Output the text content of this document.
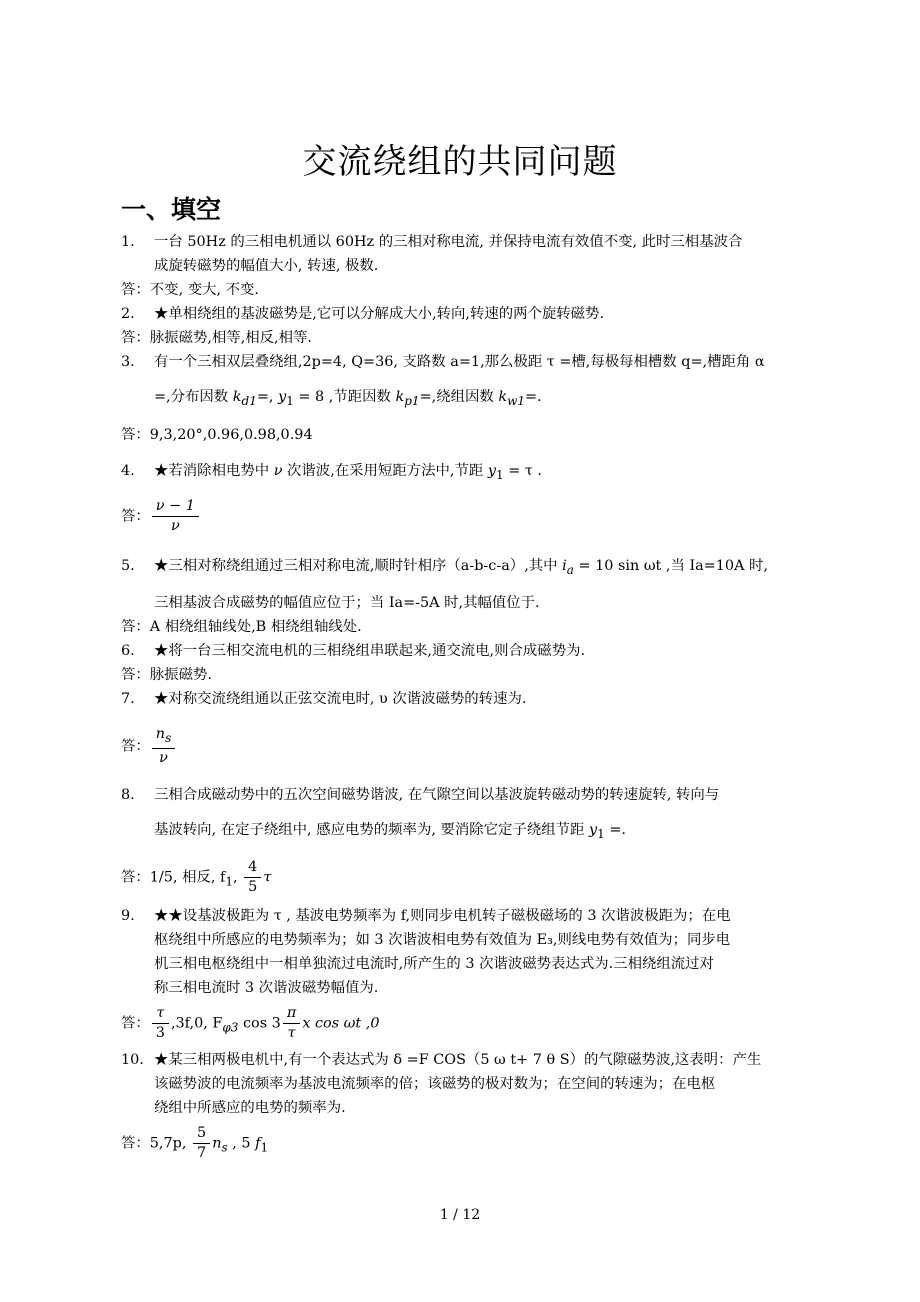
交流绕组的共同问题
一、填空
1. 一台 50Hz 的三相电机通以 60Hz 的三相对称电流, 并保持电流有效值不变, 此时三相基波合
成旋转磁势的幅值大小, 转速, 极数.
答：不变, 变大, 不变.
2. ★单相绕组的基波磁势是,它可以分解成大小,转向,转速的两个旋转磁势.
答：脉振磁势,相等,相反,相等.
3. 有一个三相双层叠绕组,2p=4, Q=36, 支路数 a=1,那么极距 τ =槽,每极每相槽数 q=,槽距角 α
=,分布因数 $k_{d1}=$, $y_1 = 8$ ,节距因数 $k_{p1}=$,绕组因数 $k_{w1}=$.
答：9,3,20°,0.96,0.98,0.94
4. ★若消除相电势中 ν 次谐波,在采用短距方法中,节距 $y_1 = \tau$ .
答： $\frac{\nu - 1}{\nu}$
5. ★三相对称绕组通过三相对称电流,顺时针相序（a-b-c-a）,其中 $i_a = 10$ sin ωt ,当 Ia=10A 时,
三相基波合成磁势的幅值应位于；当 Ia=-5A 时,其幅值位于.
答：A 相绕组轴线处,B 相绕组轴线处.
6. ★将一台三相交流电机的三相绕组串联起来,通交流电,则合成磁势为.
答：脉振磁势.
7. ★对称交流绕组通以正弦交流电时, υ 次谐波磁势的转速为.
答： $\frac{n_s}{\nu}$
8. 三相合成磁动势中的五次空间磁势谐波, 在气隙空间以基波旋转磁动势的转速旋转, 转向与
基波转向, 在定子绕组中, 感应电势的频率为, 要消除它定子绕组节距 $y_1$ =.
答：1/5, 相反, $f_1$, $\frac{4}{5}$ τ
9. ★★设基波极距为 τ , 基波电势频率为 f,则同步电机转子磁极磁场的 3 次谐波极距为；在电
枢绕组中所感应的电势频率为；如 3 次谐波相电势有效值为 E₃,则线电势有效值为；同步电
机三相电枢绕组中一相单独流过电流时,所产生的 3 次谐波磁势表达式为.三相绕组流过对
称三相电流时 3 次谐波磁势幅值为.
答： $\frac{\tau}{3} ,3f,0$, $F_{\varphi 3}$ $\cos 3 \frac{\pi}{\tau}$ x cos ωt ,0
10. ★某三相两极电机中,有一个表达式为 δ =F COS（5 ω t+ 7 θ S）的气隙磁势波,这表明：产生
该磁势波的电流频率为基波电流频率的倍；该磁势的极对数为；在空间的转速为；在电枢
绕组中所感应的电势的频率为.
答：5,7p, $\frac{5}{7} n_s$ , 5 $f_1$
1 / 12
